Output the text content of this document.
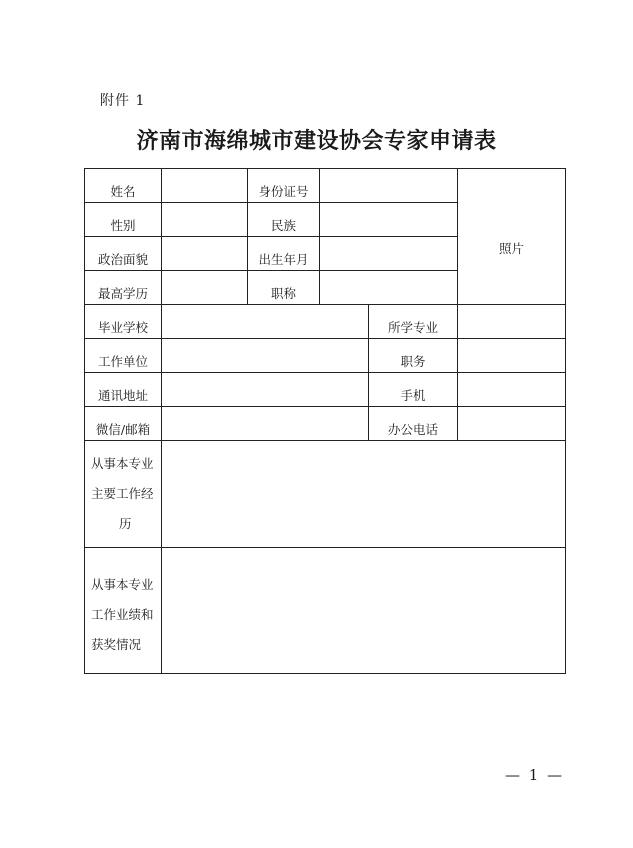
附件 1
济南市海绵城市建设协会专家申请表
姓名		身份证号			照片
性别		民族			
政治面貌		出生年月			
最高学历		职称			
毕业学校				所学专业	
工作单位				职务	
通讯地址				手机	
微信/邮箱				办公电话	

从事本专业
主要工作经
历					

从事本专业
工作业绩和
获奖情况					

— 1 —
